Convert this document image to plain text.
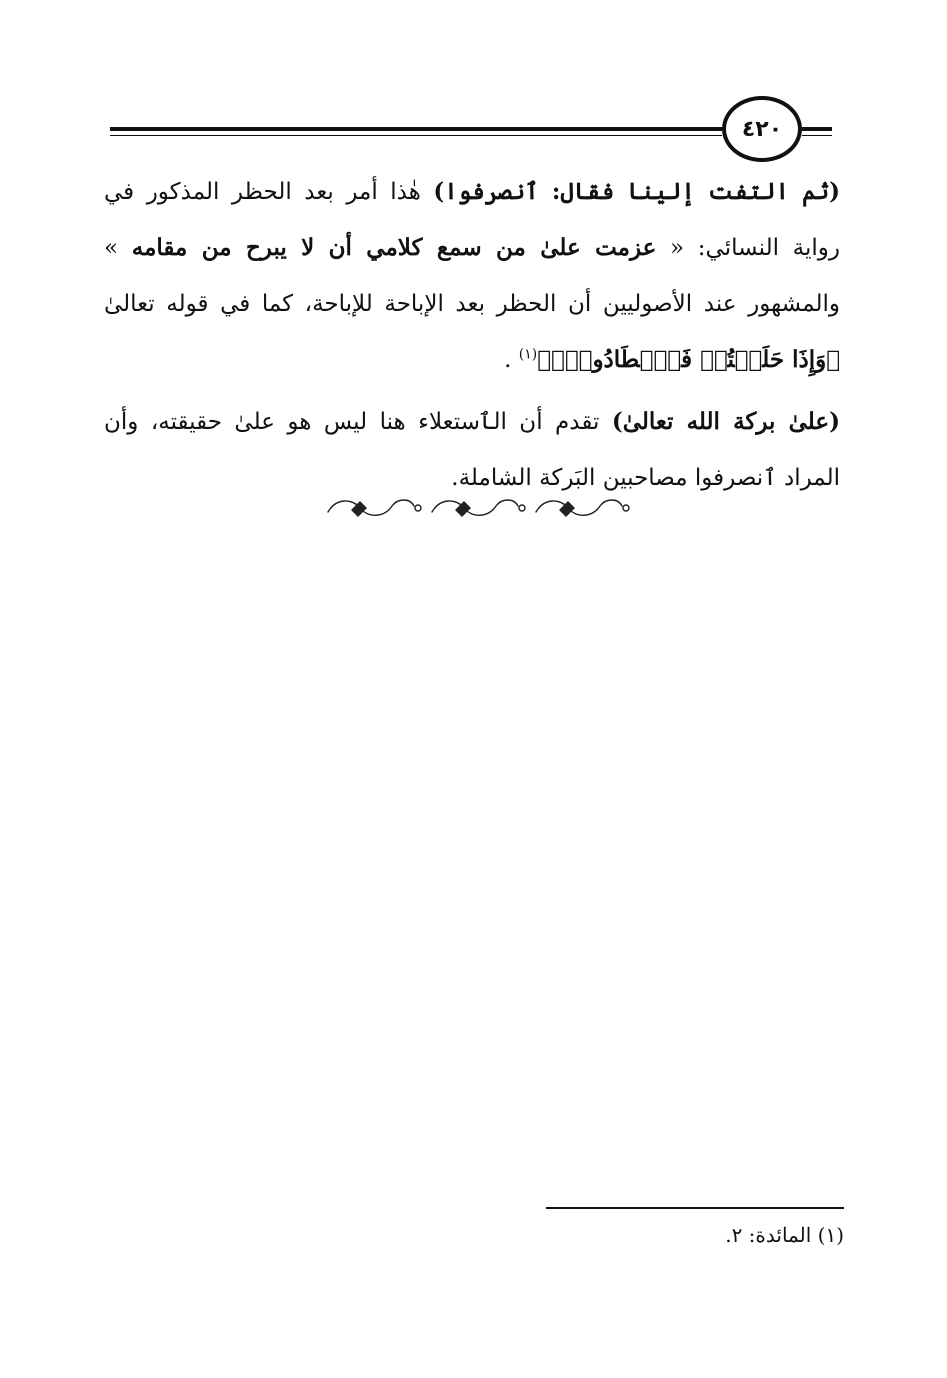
٤٢٠

(ثم التفت إلينا فقال: ٱنصرفوا) هٰذا أمر بعد الحظر المذكور في رواية النسائي: « عزمت علىٰ من سمع كلامي أن لا يبرح من مقامه » والمشهور عند الأصوليين أن الحظر بعد الإباحة للإباحة، كما في قوله تعالىٰ ﴿وَإِذَا حَلَلۡتُمۡ فَٱصۡطَادُواْۚ﴾$^{(١)}$ .

(علىٰ بركة الله تعالىٰ) تقدم أن الٱستعلاء هنا ليس هو علىٰ حقيقته، وأن المراد ٱنصرفوا مصاحبين البَركة الشاملة.

(١) المائدة: ٢.
